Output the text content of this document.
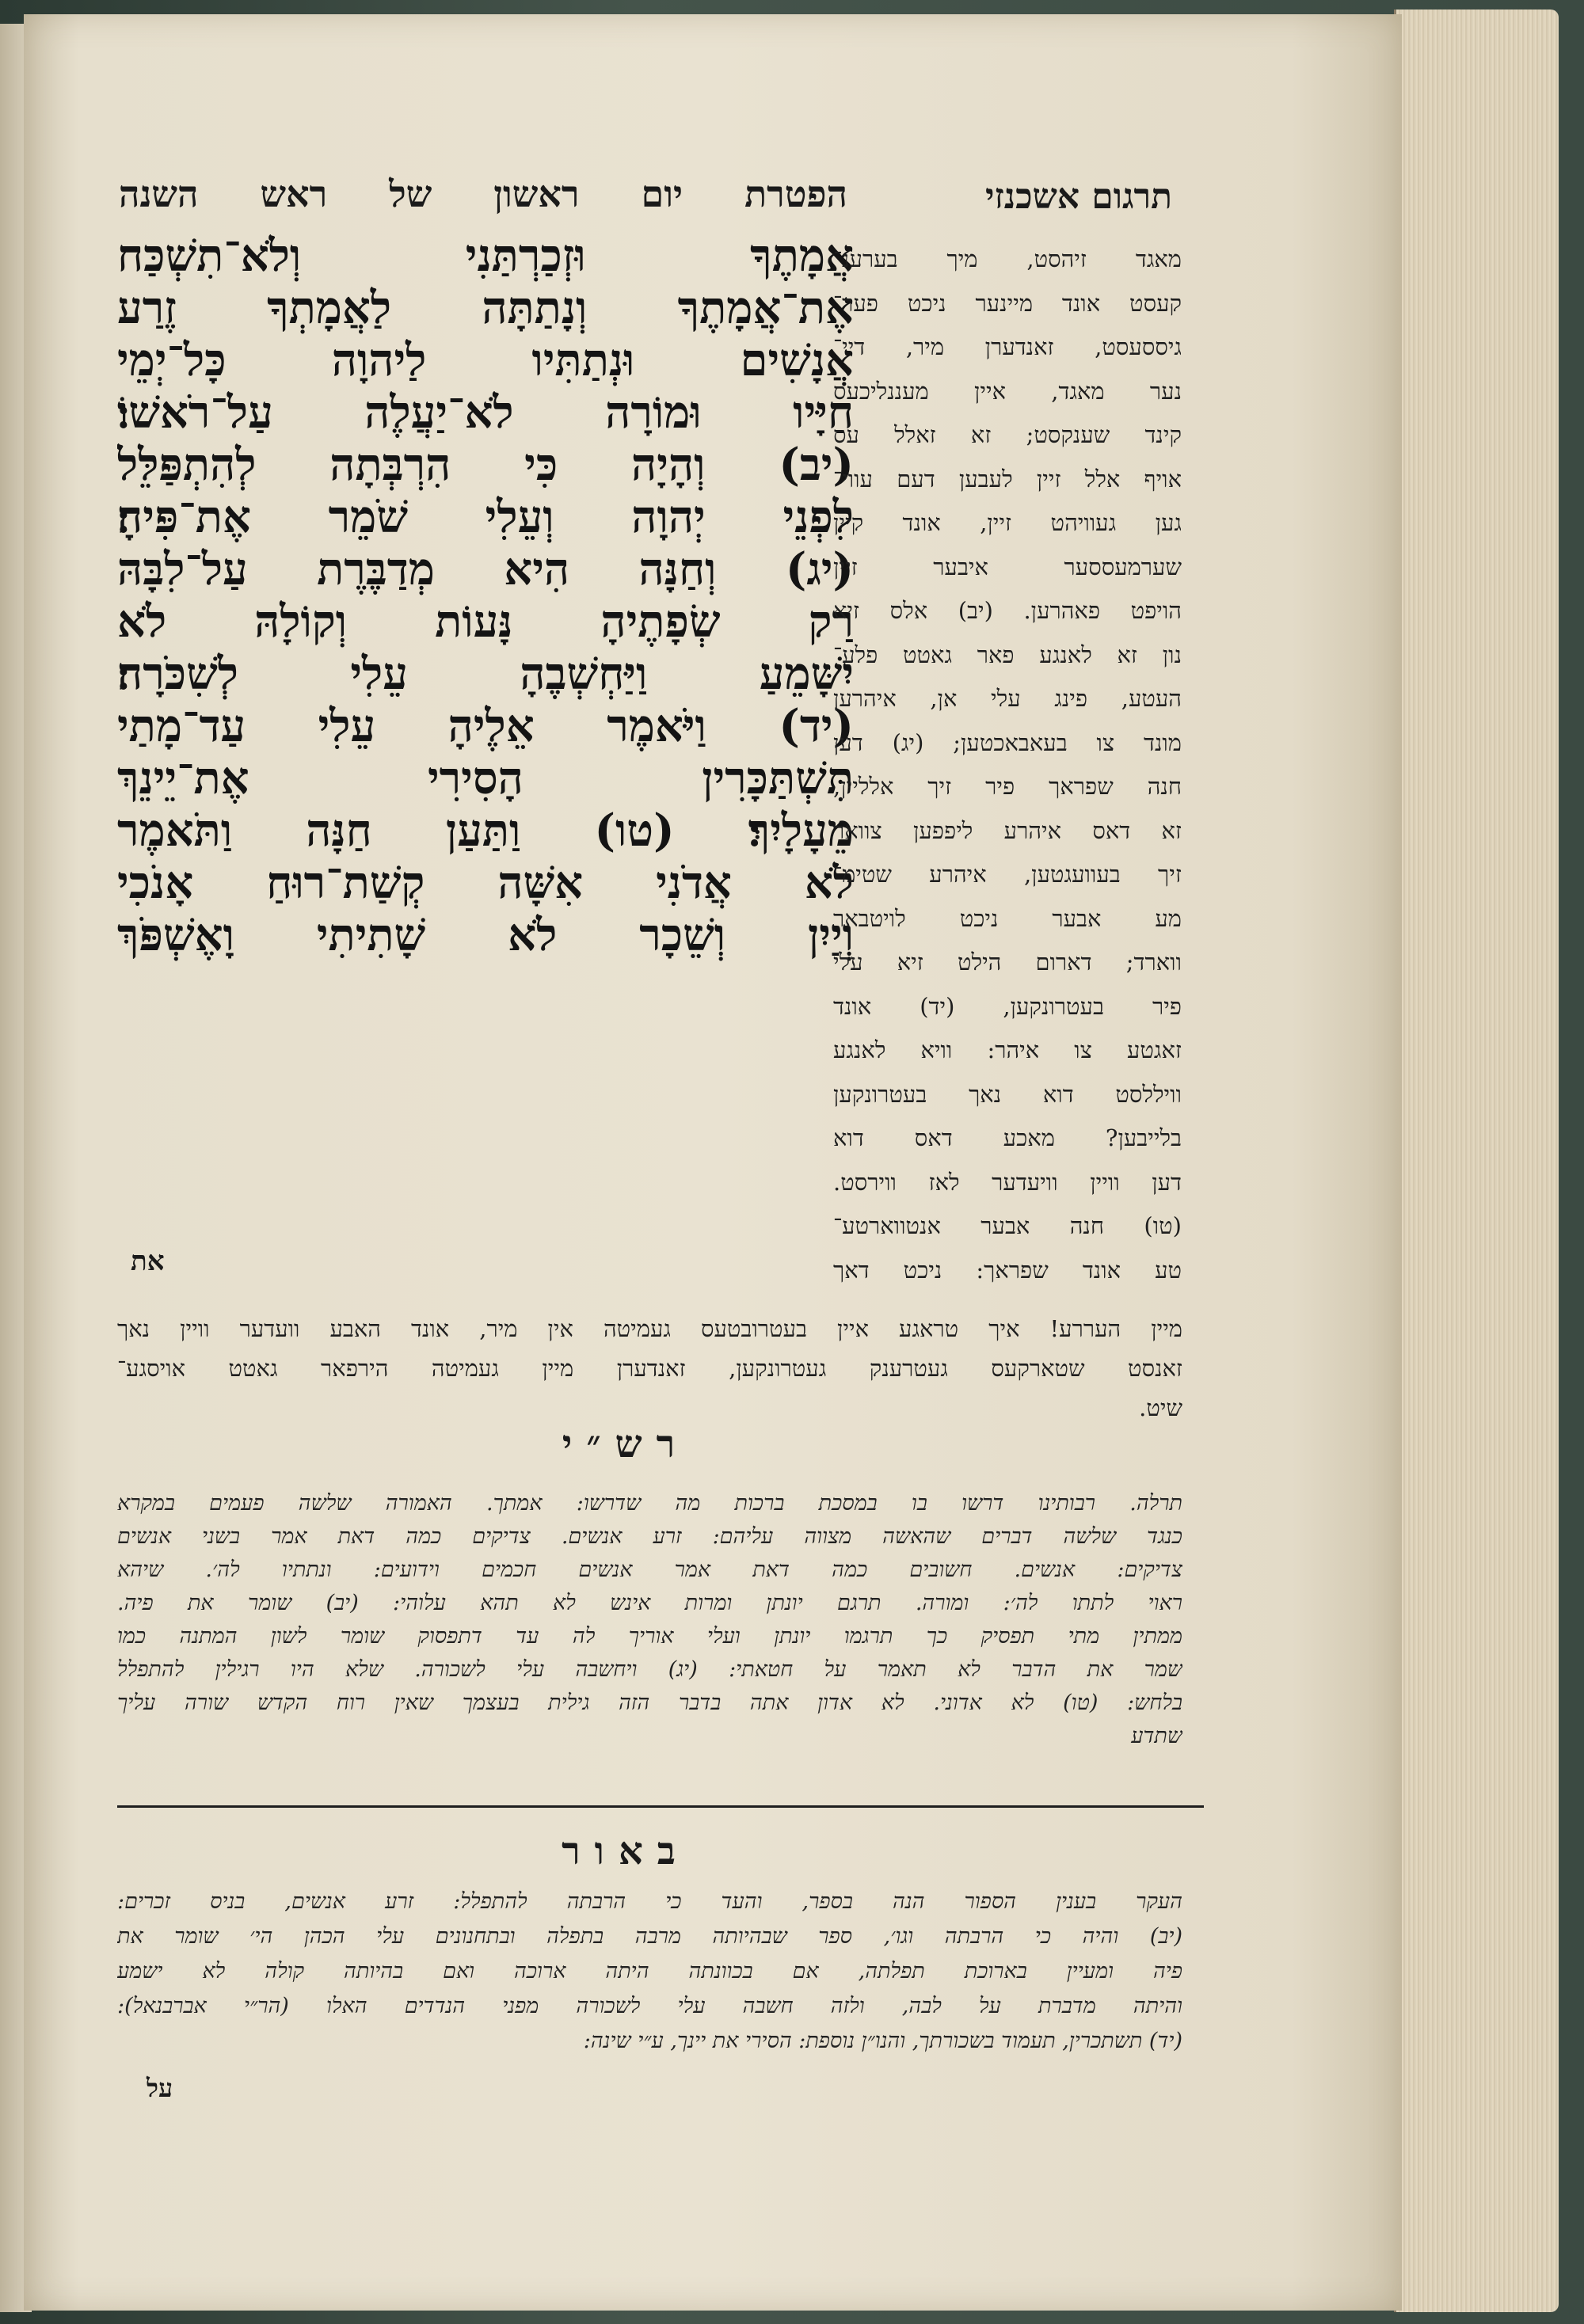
הפטרת יום ראשון של ראש השנה	תרגום אשכנזי
אֲמָתֶךָ וּזְכַרְתַּנִי וְלֹא־תִשְׁכַּח
אֶת־אֲמָתֶךָ וְנָתַתָּה לַאֲמָתְךָ זֶרַע
אֲנָשִׁים וּנְתַתִּיו לַיהוָה כָּל־יְמֵי
חַיָּיו וּמוֹרָה לֹא־יַעֲלֶה עַל־רֹאשׁוֹ׃
(יב) וְהָיָה כִּי הִרְבְּתָה לְהִתְפַּלֵּל
לִפְנֵי יְהוָה וְעֵלִי שֹׁמֵר אֶת־פִּיהָ׃
(יג) וְחַנָּה הִיא מְדַבֶּרֶת עַל־לִבָּהּ
רַק שְׂפָתֶיהָ נָּעוֹת וְקוֹלָהּ לֹא
יִשָּׁמֵעַ וַיַּחְשְׁבֶהָ עֵלִי לְשִׁכֹּרָה׃
(יד) וַיֹּאמֶר אֵלֶיהָ עֵלִי עַד־מָתַי
תִּשְׁתַּכָּרִין הָסִירִי אֶת־יֵינֵךְ
מֵעָלָיִךְ׃ (טו) וַתַּעַן חַנָּה וַתֹּאמֶר
לֹא אֲדֹנִי אִשָּׁה קְשַׁת־רוּחַ אָנֹכִי
וְיַיִן וְשֵׁכָר לֹא שָׁתִיתִי וָאֶשְׁפֹּךְ
את
מאגד זיהסט, מיך בערענ־
קעסט אונד מיינער ניכט פער־
גיססעסט, זאנדערן מיר, דיי־
נער מאגד, איין מעננליכעס
קינד שענקסט; זא זאלל עס
אויף אלל זיין לעבען דעם עווי־
גען געוויהט זיין, אונד קיין
שערמעססער איבער זיין
הויפט פאהרען. (יב) אלס זיא
נון זא לאנגע פאר גאטט פלע־
העטע, פינג עלי אן, איהרען
מונד צו בעאבאכטען; (יג) דען
חנה שפראך פיר זיך אלליין,
זא דאס איהרע ליפפען צוואר
זיך בעוועגטען, איהרע שטימ־
מע אבער ניכט לויטבאר
ווארד; דארום הילט זיא עלי
פיר בעטרונקען, (יד) אונד
זאגטע צו איהר: וויא לאנגע
וויללסט דוא נאך בעטרונקען
בלייבען? מאכע דאס דוא
דען וויין וויעדער לאז ווירסט.
(טו) חנה אבער אנטווארטע־
טע אונד שפראך: ניכט דאך
מיין העררע! איך טראגע איין בעטרובטעס געמיטה אין מיר, אונד האבע וועדער וויין נאך
זאנסט שטארקעס געטרענק געטרונקען, זאנדערן מיין געמיטה הירפאר גאטט אויסגע־
שיט.
רש״י
תרלה. רבותינו דרשו בו במסכת ברכות מה שדרשו: אמתך. האמורה שלשה פעמים במקרא
כנגד שלשה דברים שהאשה מצווה עליהם: זרע אנשים. צדיקים כמה דאת אמר בשני אנשים
צדיקים: אנשים. חשובים כמה דאת אמר אנשים חכמים וידועים: ונתתיו לה׳. שיהא
ראוי לתתו לה׳: ומורה. תרגם יונתן ומרות אינש לא תהא עלוהי: (יב) שומר את פיה.
ממתין מתי תפסיק כך תרגמו יונתן ועלי אוריך לה עד דתפסוק שומר לשון המתנה כמו
שמר את הדבר לא תאמר על חטאתי: (יג) ויחשבה עלי לשכורה. שלא היו רגילין להתפלל
בלחש: (טו) לא אדוני. לא אדון אתה בדבר הזה גילית בעצמך שאין רוח הקדש שורה עליך
שתדע
באור
העקר בענין הספור הנה בספר, והעד כי הרבתה להתפלל: זרע אנשים, בניס זכרים:
(יב) והיה כי הרבתה וגו׳, ספר שבהיותה מרבה בתפלה ובתחנונים עלי הכהן הי׳ שומר את
פיה ומעיין בארוכת תפלתה, אם בכוונתה היתה ארוכה ואם בהיותה קולה לא ישמע
והיתה מדברת על לבה, ולזה חשבה עלי לשכורה מפני הנדדים האלו (הר״י אברבנאל):
(יד) תשתכרין, תעמוד בשכורתך, והנו״ן נוספת: הסירי את יינך, ע״י שינה:
על
